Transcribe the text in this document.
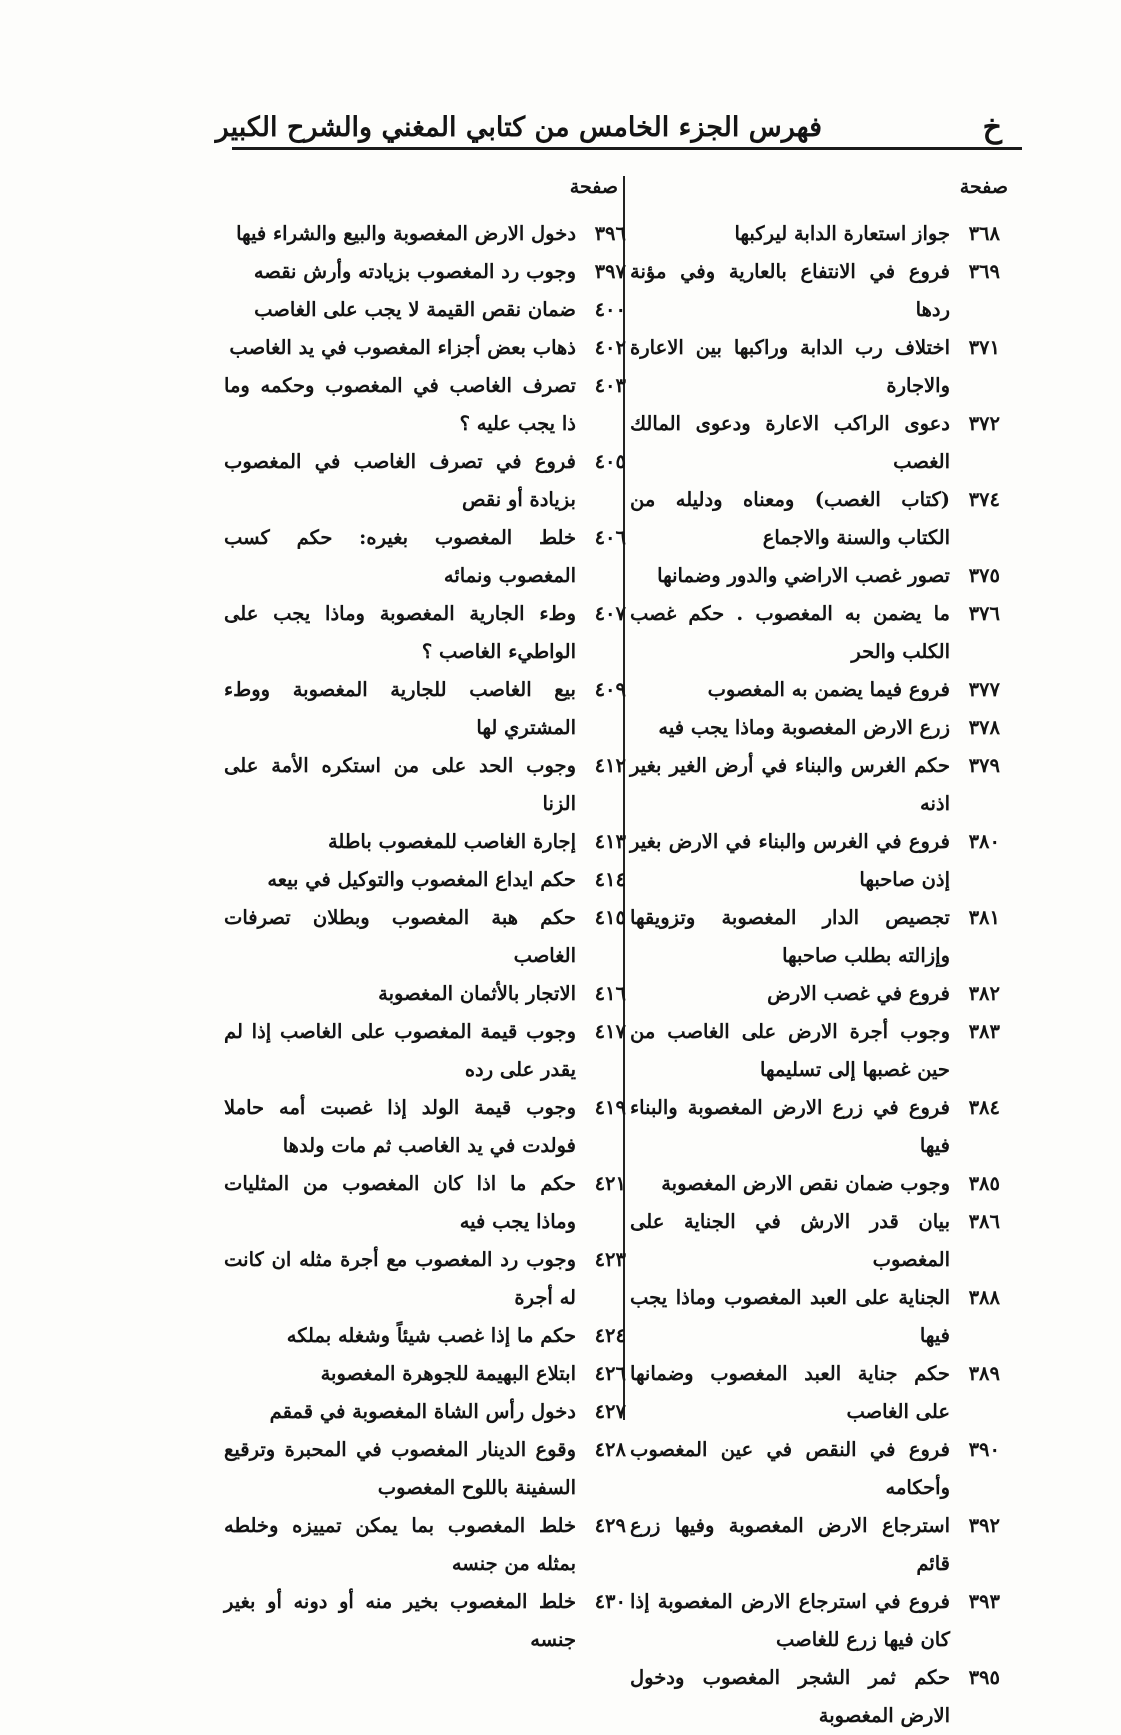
خ
فهرس الجزء الخامس من كتابي المغني والشرح الكبير
صفحة
صفحة
٣٦٨
جواز استعارة الدابة ليركبها
٣٦٩
فروع في الانتفاع بالعارية وفي مؤنة ردها
٣٧١
اختلاف رب الدابة وراكبها بين الاعارة والاجارة
٣٧٢
دعوى الراكب الاعارة ودعوى المالك الغصب
٣٧٤
(كتاب الغصب) ومعناه ودليله من الكتاب والسنة والاجماع
٣٧٥
تصور غصب الاراضي والدور وضمانها
٣٧٦
ما يضمن به المغصوب . حكم غصب الكلب والحر
٣٧٧
فروع فيما يضمن به المغصوب
٣٧٨
زرع الارض المغصوبة وماذا يجب فيه
٣٧٩
حكم الغرس والبناء في أرض الغير بغير اذنه
٣٨٠
فروع في الغرس والبناء في الارض بغير إذن صاحبها
٣٨١
تجصيص الدار المغصوبة وتزويقها وإزالته بطلب صاحبها
٣٨٢
فروع في غصب الارض
٣٨٣
وجوب أجرة الارض على الغاصب من حين غصبها إلى تسليمها
٣٨٤
فروع في زرع الارض المغصوبة والبناء فيها
٣٨٥
وجوب ضمان نقص الارض المغصوبة
٣٨٦
بيان قدر الارش في الجناية على المغصوب
٣٨٨
الجناية على العبد المغصوب وماذا يجب فيها
٣٨٩
حكم جناية العبد المغصوب وضمانها على الغاصب
٣٩٠
فروع في النقص في عين المغصوب وأحكامه
٣٩٢
استرجاع الارض المغصوبة وفيها زرع قائم
٣٩٣
فروع في استرجاع الارض المغصوبة إذا كان فيها زرع للغاصب
٣٩٥
حكم ثمر الشجر المغصوب ودخول الارض المغصوبة
٣٩٦
دخول الارض المغصوبة والبيع والشراء فيها
٣٩٧
وجوب رد المغصوب بزيادته وأرش نقصه
٤٠٠
ضمان نقص القيمة لا يجب على الغاصب
٤٠٢
ذهاب بعض أجزاء المغصوب في يد الغاصب
٤٠٣
تصرف الغاصب في المغصوب وحكمه وما ذا يجب عليه ؟
٤٠٥
فروع في تصرف الغاصب في المغصوب بزيادة أو نقص
٤٠٦
خلط المغصوب بغيره: حكم كسب المغصوب ونمائه
٤٠٧
وطء الجارية المغصوبة وماذا يجب على الواطيء الغاصب ؟
٤٠٩
بيع الغاصب للجارية المغصوبة ووطء المشتري لها
٤١٢
وجوب الحد على من استكره الأمة على الزنا
٤١٣
إجارة الغاصب للمغصوب باطلة
٤١٤
حكم ايداع المغصوب والتوكيل في بيعه
٤١٥
حكم هبة المغصوب وبطلان تصرفات الغاصب
٤١٦
الاتجار بالأثمان المغصوبة
٤١٧
وجوب قيمة المغصوب على الغاصب إذا لم يقدر على رده
٤١٩
وجوب قيمة الولد إذا غصبت أمه حاملا فولدت في يد الغاصب ثم مات ولدها
٤٢١
حكم ما اذا كان المغصوب من المثليات وماذا يجب فيه
٤٢٣
وجوب رد المغصوب مع أجرة مثله ان كانت له أجرة
٤٢٤
حكم ما إذا غصب شيئاً وشغله بملكه
٤٢٦
ابتلاع البهيمة للجوهرة المغصوبة
٤٢٧
دخول رأس الشاة المغصوبة في قمقم
٤٢٨
وقوع الدينار المغصوب في المحبرة وترقيع السفينة باللوح المغصوب
٤٢٩
خلط المغصوب بما يمكن تمييزه وخلطه بمثله من جنسه
٤٣٠
خلط المغصوب بخير منه أو دونه أو بغير جنسه
